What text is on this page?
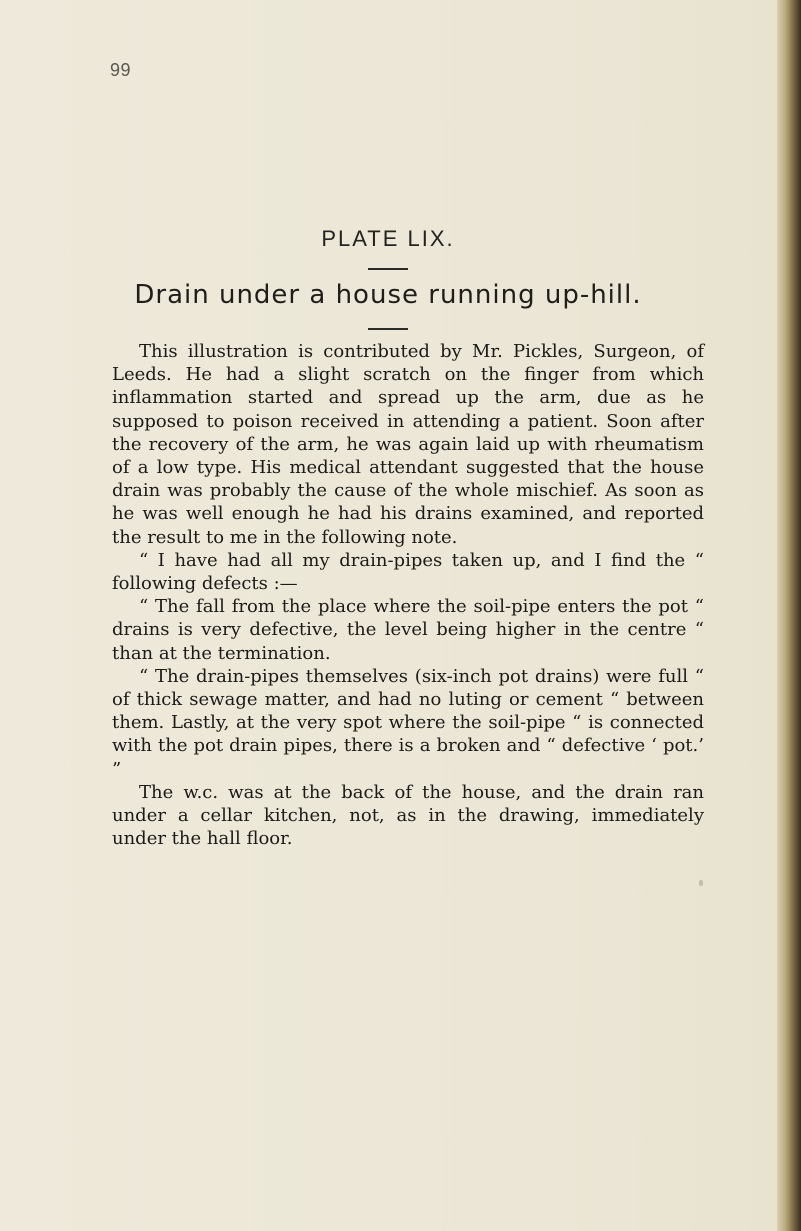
99
PLATE LIX.
Drain under a house running up-hill.

This illustration is contributed by Mr. Pickles, Surgeon, of Leeds. He had a slight scratch on the finger from which inflammation started and spread up the arm, due as he supposed to poison received in attending a patient. Soon after the recovery of the arm, he was again laid up with rheumatism of a low type. His medical attendant suggested that the house drain was probably the cause of the whole mischief. As soon as he was well enough he had his drains examined, and reported the result to me in the following note.

“ I have had all my drain-pipes taken up, and I find the “ following defects :—

“ The fall from the place where the soil-pipe enters the pot “ drains is very defective, the level being higher in the centre “ than at the termination.

“ The drain-pipes themselves (six-inch pot drains) were full “ of thick sewage matter, and had no luting or cement “ between them. Lastly, at the very spot where the soil-pipe “ is connected with the pot drain pipes, there is a broken and “ defective ‘ pot.’ ”

The w.c. was at the back of the house, and the drain ran under a cellar kitchen, not, as in the drawing, immediately under the hall floor.
